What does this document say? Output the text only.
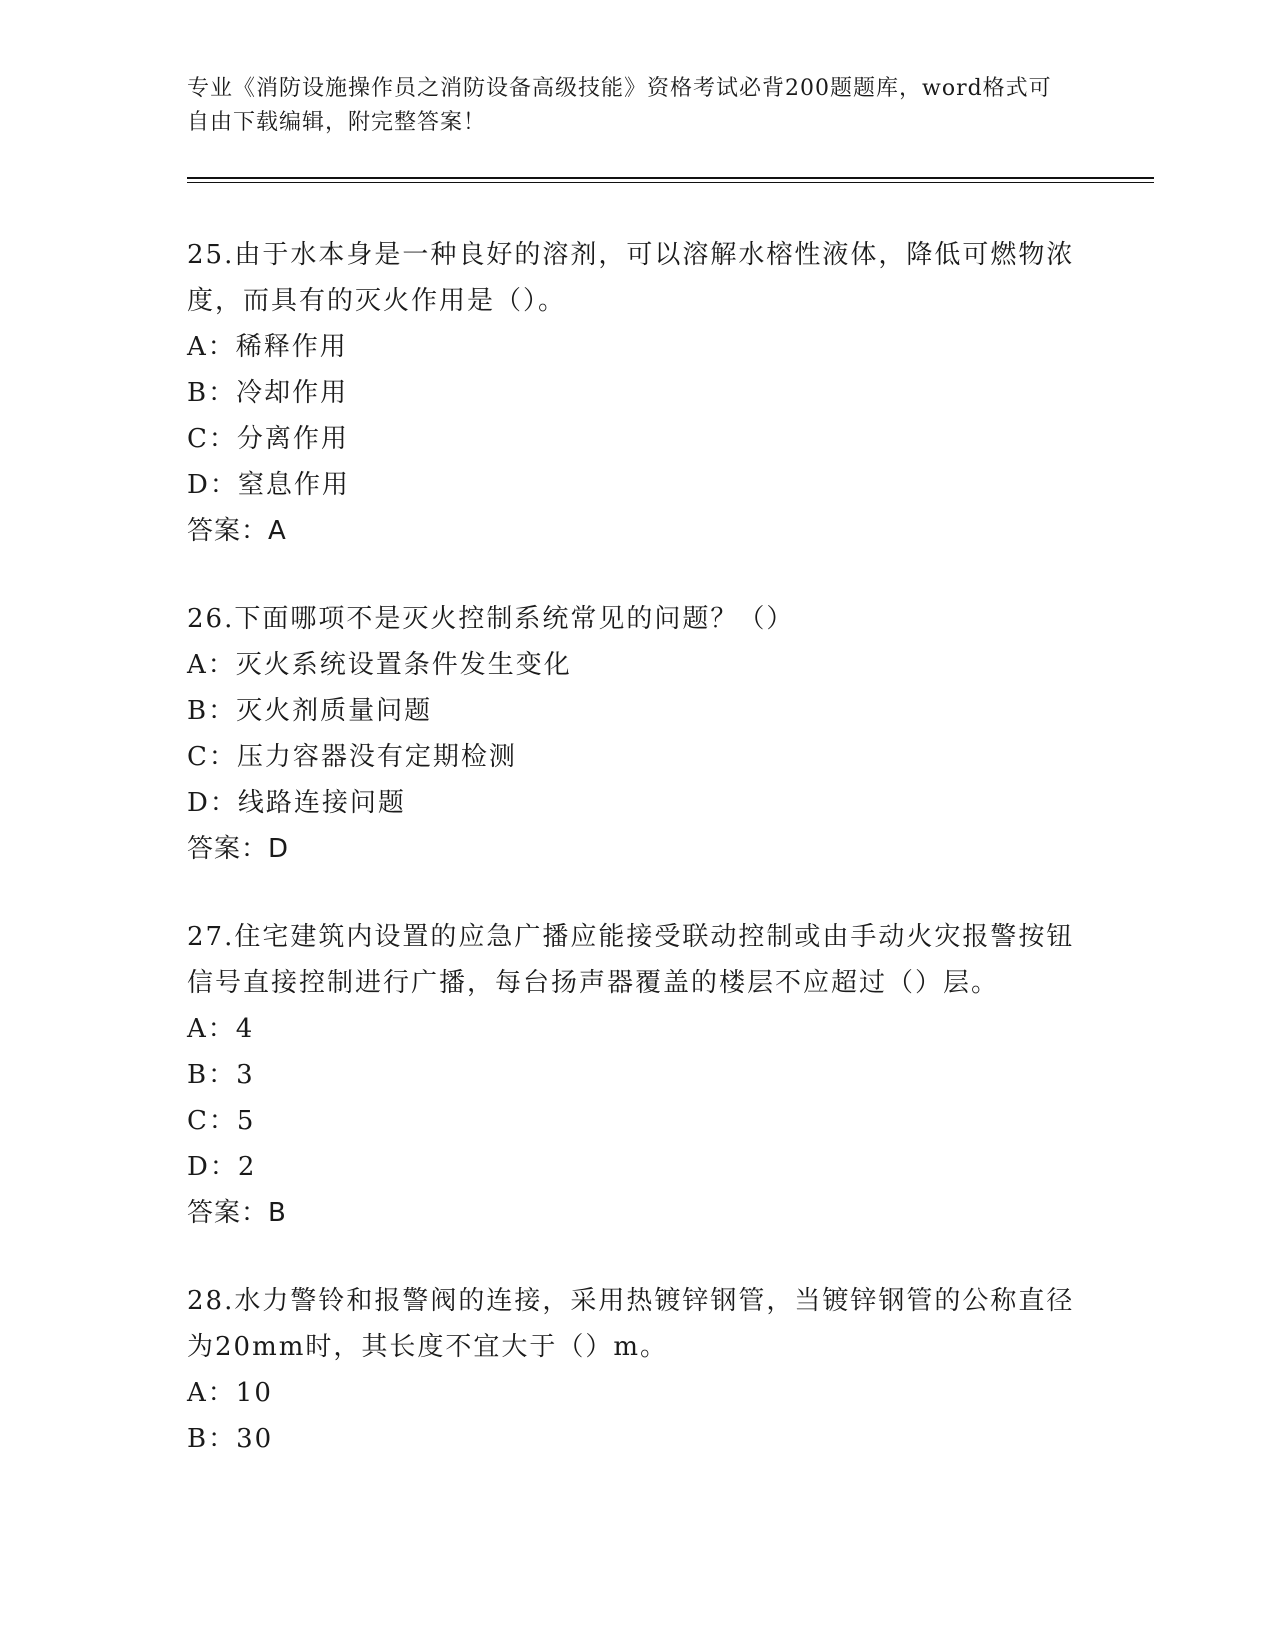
专业《消防设施操作员之消防设备高级技能》资格考试必背200题题库，word格式可自由下载编辑，附完整答案！
25.由于水本身是一种良好的溶剂，可以溶解水榕性液体，降低可燃物浓度，而具有的灭火作用是（）。
A：稀释作用
B：冷却作用
C：分离作用
D：窒息作用
答案：A
26.下面哪项不是灭火控制系统常见的问题？（）
A：灭火系统设置条件发生变化
B：灭火剂质量问题
C：压力容器没有定期检测
D：线路连接问题
答案：D
27.住宅建筑内设置的应急广播应能接受联动控制或由手动火灾报警按钮信号直接控制进行广播，每台扬声器覆盖的楼层不应超过（）层。
A：4
B：3
C：5
D：2
答案：B
28.水力警铃和报警阀的连接，采用热镀锌钢管，当镀锌钢管的公称直径为20mm时，其长度不宜大于（）m。
A：10
B：30
